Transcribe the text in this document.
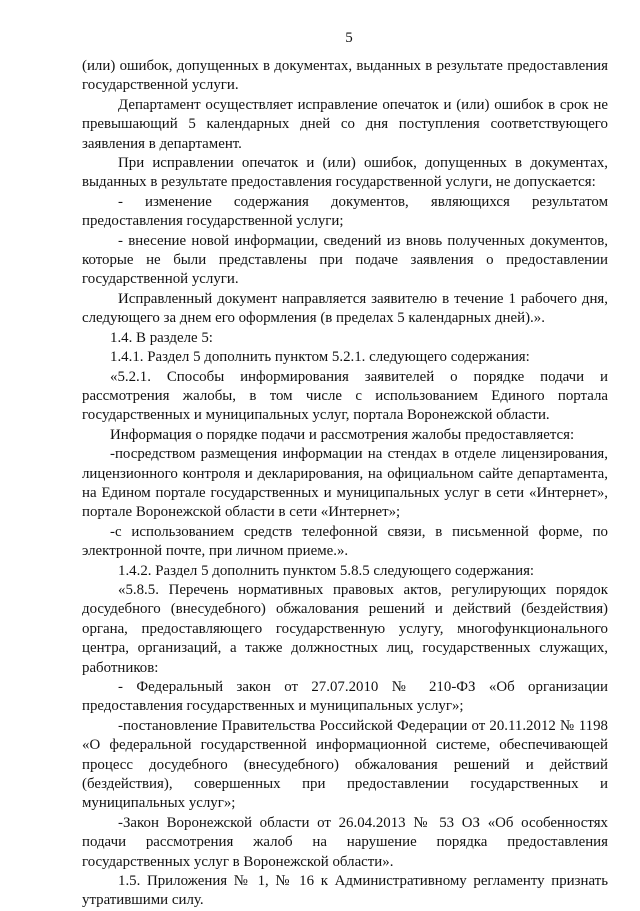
5

(или) ошибок, допущенных в документах, выданных в результате предоставления государственной услуги.

Департамент осуществляет исправление опечаток и (или) ошибок в срок не превышающий 5 календарных дней со дня поступления соответствующего заявления в департамент.

При исправлении опечаток и (или) ошибок, допущенных в документах, выданных в результате предоставления государственной услуги, не допускается:

- изменение содержания документов, являющихся результатом предоставления государственной услуги;

- внесение новой информации, сведений из вновь полученных документов, которые не были представлены при подаче заявления о предоставлении государственной услуги.

Исправленный документ направляется заявителю в течение 1 рабочего дня, следующего за днем его оформления (в пределах 5 календарных дней).».

1.4. В разделе 5:

1.4.1. Раздел 5 дополнить пунктом 5.2.1. следующего содержания:

«5.2.1. Способы информирования заявителей о порядке подачи и рассмотрения жалобы, в том числе с использованием Единого портала государственных и муниципальных услуг, портала Воронежской области.

Информация о порядке подачи и рассмотрения жалобы предоставляется:

-посредством размещения информации на стендах в отделе лицензирования, лицензионного контроля и декларирования, на официальном сайте департамента, на Едином портале государственных и муниципальных услуг в сети «Интернет», портале Воронежской области в сети «Интернет»;

-с использованием средств телефонной связи, в письменной форме, по электронной почте, при личном приеме.».

1.4.2. Раздел 5 дополнить пунктом 5.8.5 следующего содержания:

«5.8.5. Перечень нормативных правовых актов, регулирующих порядок досудебного (внесудебного) обжалования решений и действий (бездействия) органа, предоставляющего государственную услугу, многофункционального центра, организаций, а также должностных лиц, государственных служащих, работников:

- Федеральный закон от 27.07.2010 № 210-ФЗ «Об организации предоставления государственных и муниципальных услуг»;

-постановление Правительства Российской Федерации от 20.11.2012 № 1198 «О федеральной государственной информационной системе, обеспечивающей процесс досудебного (внесудебного) обжалования решений и действий (бездействия), совершенных при предоставлении государственных и муниципальных услуг»;

-Закон Воронежской области от 26.04.2013 № 53 ОЗ «Об особенностях подачи рассмотрения жалоб на нарушение порядка предоставления государственных услуг в Воронежской области».

1.5. Приложения № 1, № 16 к Административному регламенту признать утратившими силу.
